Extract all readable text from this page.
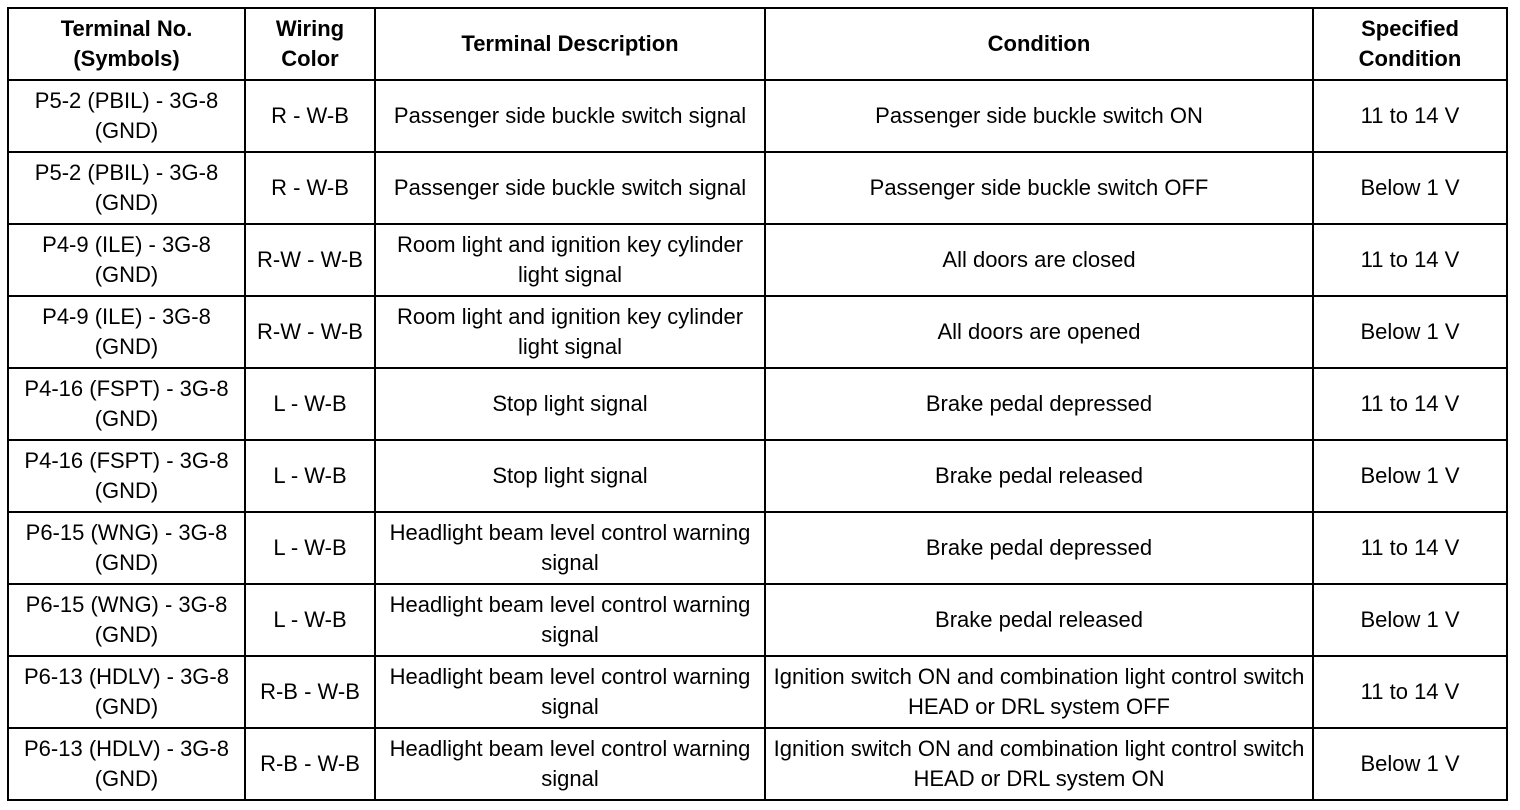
Terminal No. (Symbols)	Wiring Color	Terminal Description	Condition	Specified Condition
P5-2 (PBIL) - 3G-8 (GND)	R - W-B	Passenger side buckle switch signal	Passenger side buckle switch ON	11 to 14 V
P5-2 (PBIL) - 3G-8 (GND)	R - W-B	Passenger side buckle switch signal	Passenger side buckle switch OFF	Below 1 V
P4-9 (ILE) - 3G-8 (GND)	R-W - W-B	Room light and ignition key cylinder light signal	All doors are closed	11 to 14 V
P4-9 (ILE) - 3G-8 (GND)	R-W - W-B	Room light and ignition key cylinder light signal	All doors are opened	Below 1 V
P4-16 (FSPT) - 3G-8 (GND)	L - W-B	Stop light signal	Brake pedal depressed	11 to 14 V
P4-16 (FSPT) - 3G-8 (GND)	L - W-B	Stop light signal	Brake pedal released	Below 1 V
P6-15 (WNG) - 3G-8 (GND)	L - W-B	Headlight beam level control warning signal	Brake pedal depressed	11 to 14 V
P6-15 (WNG) - 3G-8 (GND)	L - W-B	Headlight beam level control warning signal	Brake pedal released	Below 1 V
P6-13 (HDLV) - 3G-8 (GND)	R-B - W-B	Headlight beam level control warning signal	Ignition switch ON and combination light control switch HEAD or DRL system OFF	11 to 14 V
P6-13 (HDLV) - 3G-8 (GND)	R-B - W-B	Headlight beam level control warning signal	Ignition switch ON and combination light control switch HEAD or DRL system ON	Below 1 V
